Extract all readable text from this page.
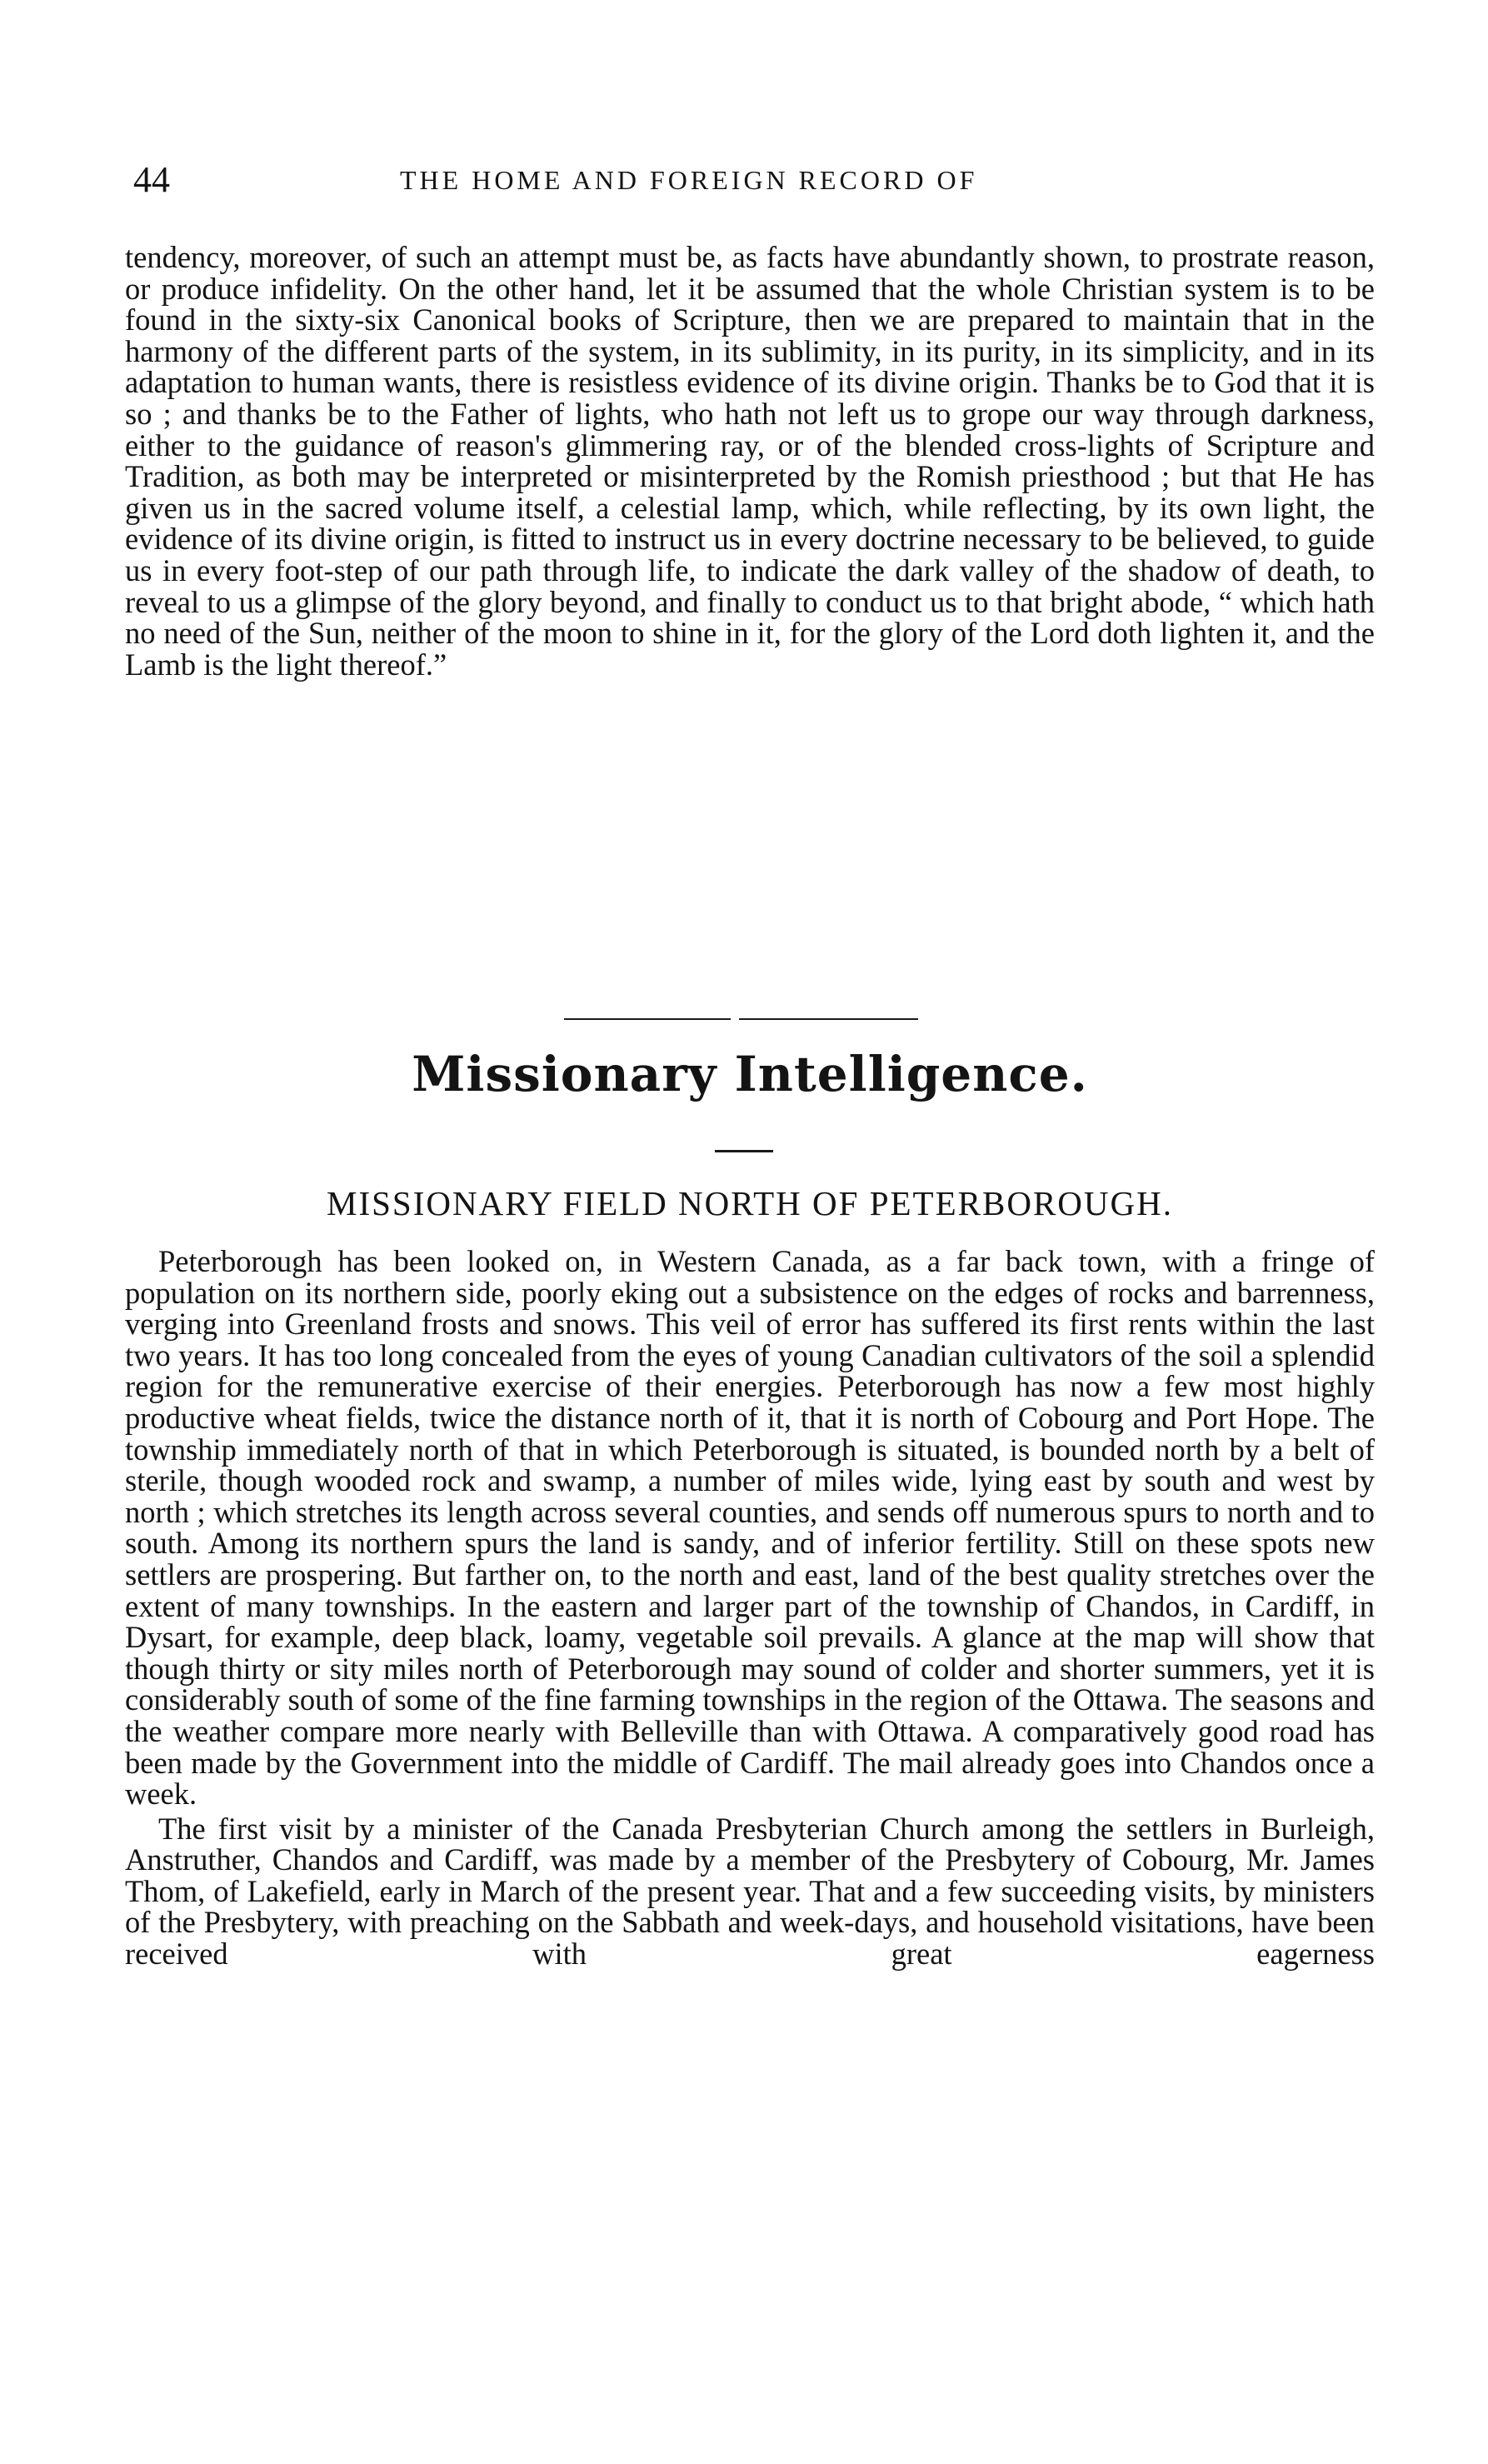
44	THE HOME AND FOREIGN RECORD OF

tendency, moreover, of such an attempt must be, as facts have abundantly shown, to prostrate reason, or produce infidelity. On the other hand, let it be assumed that the whole Christian system is to be found in the sixty-six Canonical books of Scripture, then we are prepared to maintain that in the harmony of the different parts of the system, in its sublimity, in its purity, in its simplicity, and in its adaptation to human wants, there is resistless evidence of its divine origin. Thanks be to God that it is so ; and thanks be to the Father of lights, who hath not left us to grope our way through darkness, either to the guidance of reason's glimmering ray, or of the blended cross-lights of Scripture and Tradition, as both may be interpreted or misinterpreted by the Romish priesthood ; but that He has given us in the sacred volume itself, a celestial lamp, which, while reflecting, by its own light, the evidence of its divine origin, is fitted to instruct us in every doctrine necessary to be believed, to guide us in every foot-step of our path through life, to indicate the dark valley of the shadow of death, to reveal to us a glimpse of the glory beyond, and finally to conduct us to that bright abode, “ which hath no need of the Sun, neither of the moon to shine in it, for the glory of the Lord doth lighten it, and the Lamb is the light thereof.”

Missionary Intelligence.
MISSIONARY FIELD NORTH OF PETERBOROUGH.

Peterborough has been looked on, in Western Canada, as a far back town, with a fringe of population on its northern side, poorly eking out a subsistence on the edges of rocks and barrenness, verging into Greenland frosts and snows. This veil of error has suffered its first rents within the last two years. It has too long concealed from the eyes of young Canadian cultivators of the soil a splendid region for the remunerative exercise of their energies. Peterborough has now a few most highly productive wheat fields, twice the distance north of it, that it is north of Cobourg and Port Hope. The township immediately north of that in which Peterborough is situated, is bounded north by a belt of sterile, though wooded rock and swamp, a number of miles wide, lying east by south and west by north ; which stretches its length across several counties, and sends off numerous spurs to north and to south. Among its northern spurs the land is sandy, and of inferior fertility. Still on these spots new settlers are prospering. But farther on, to the north and east, land of the best quality stretches over the extent of many townships. In the eastern and larger part of the township of Chandos, in Cardiff, in Dysart, for example, deep black, loamy, vegetable soil prevails. A glance at the map will show that though thirty or sity miles north of Peterborough may sound of colder and shorter summers, yet it is considerably south of some of the fine farming townships in the region of the Ottawa. The seasons and the weather compare more nearly with Belleville than with Ottawa. A comparatively good road has been made by the Government into the middle of Cardiff. The mail already goes into Chandos once a week.

The first visit by a minister of the Canada Presbyterian Church among the settlers in Burleigh, Anstruther, Chandos and Cardiff, was made by a member of the Presbytery of Cobourg, Mr. James Thom, of Lakefield, early in March of the present year. That and a few succeeding visits, by ministers of the Presbytery, with preaching on the Sabbath and week-days, and household visitations, have been received with great eagerness
